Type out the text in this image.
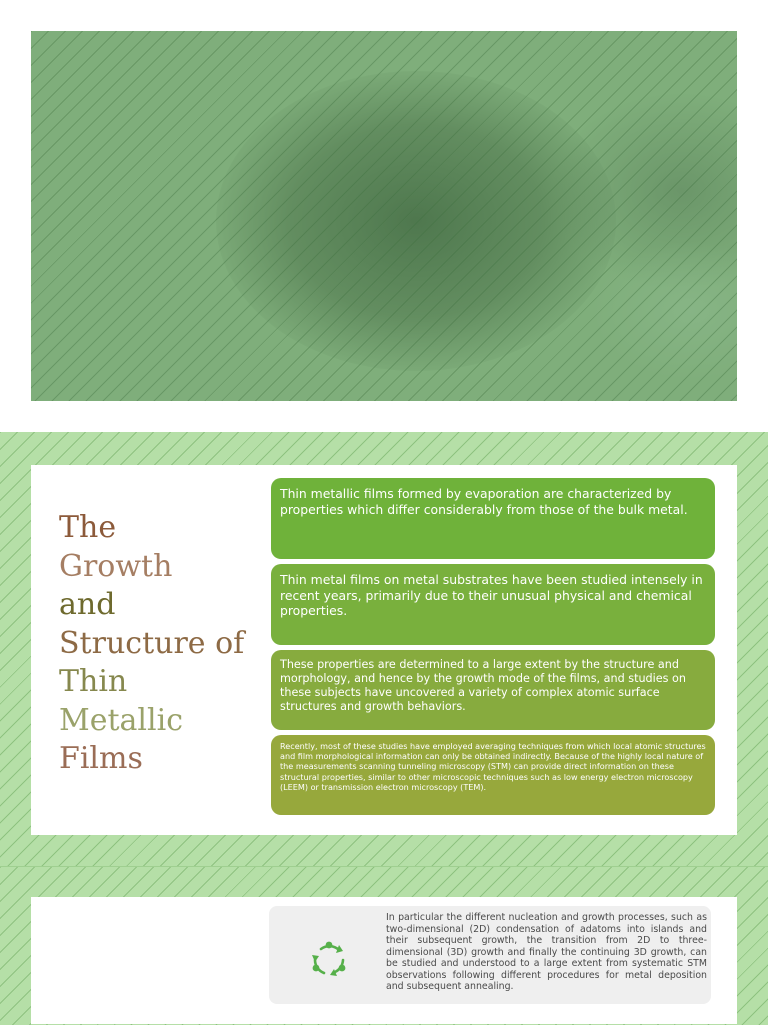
The
Growth
and
Structure of
Thin
Metallic
Films
Thin metallic films formed by evaporation are characterized by properties which differ considerably from those of the bulk metal.
Thin metal films on metal substrates have been studied intensely in recent years, primarily due to their unusual physical and chemical properties.
These properties are determined to a large extent by the structure and morphology, and hence by the growth mode of the films, and studies on these subjects have uncovered a variety of complex atomic surface structures and growth behaviors.
Recently, most of these studies have employed averaging techniques from which local atomic structures and film morphological information can only be obtained indirectly. Because of the highly local nature of the measurements scanning tunneling microscopy (STM) can provide direct information on these structural properties, similar to other microscopic techniques such as low energy electron microscopy (LEEM) or transmission electron microscopy (TEM).

In particular the different nucleation and growth processes, such as two-dimensional (2D) condensation of adatoms into islands and their subsequent growth, the transition from 2D to three-dimensional (3D) growth and finally the continuing 3D growth, can be studied and understood to a large extent from systematic STM observations following different procedures for metal deposition and subsequent annealing.
